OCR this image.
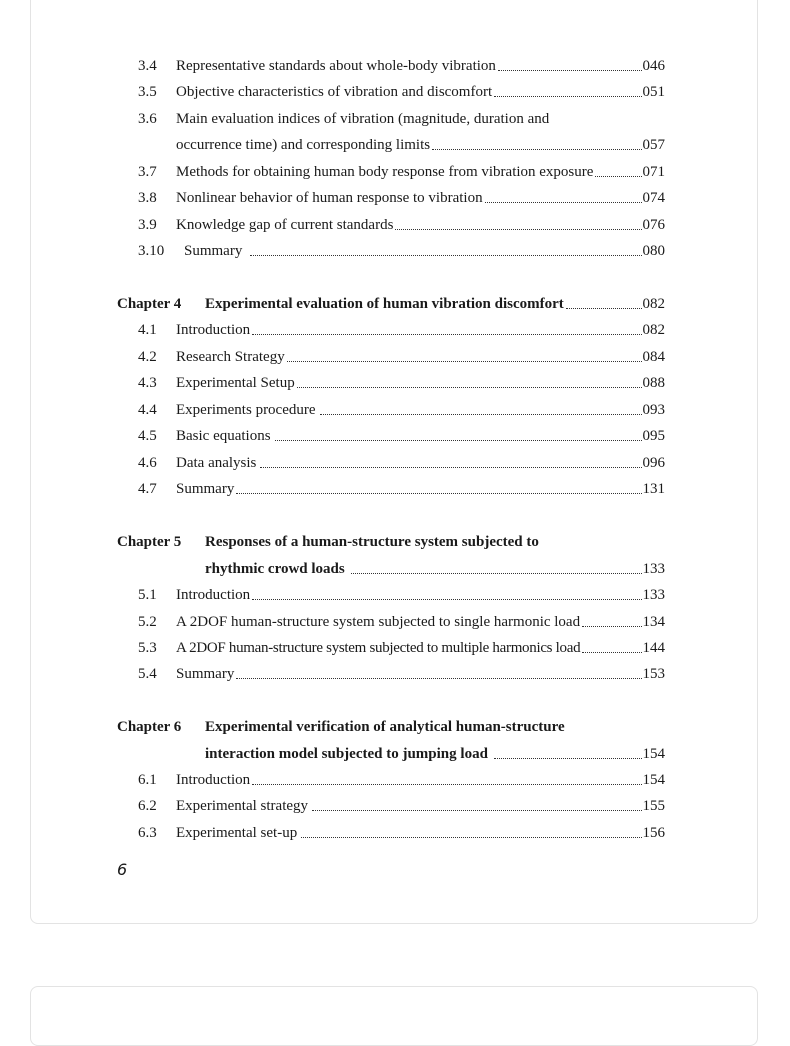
3.4	Representative standards about whole-body vibration	046
3.5	Objective characteristics of vibration and discomfort	051
3.6	Main evaluation indices of vibration (magnitude, duration and
occurrence time) and corresponding limits	057
3.7	Methods for obtaining human body response from vibration exposure	071
3.8	Nonlinear behavior of human response to vibration	074
3.9	Knowledge gap of current standards	076
3.10	Summary	080
Chapter 4	Experimental evaluation of human vibration discomfort	082
4.1	Introduction	082
4.2	Research Strategy	084
4.3	Experimental Setup	088
4.4	Experiments procedure	093
4.5	Basic equations	095
4.6	Data analysis	096
4.7	Summary	131
Chapter 5	Responses of a human-structure system subjected to
rhythmic crowd loads	133
5.1	Introduction	133
5.2	A 2DOF human-structure system subjected to single harmonic load	134
5.3	A 2DOF human-structure system subjected to multiple harmonics load	144
5.4	Summary	153
Chapter 6	Experimental verification of analytical human-structure
interaction model subjected to jumping load	154
6.1	Introduction	154
6.2	Experimental strategy	155
6.3	Experimental set-up	156
6
